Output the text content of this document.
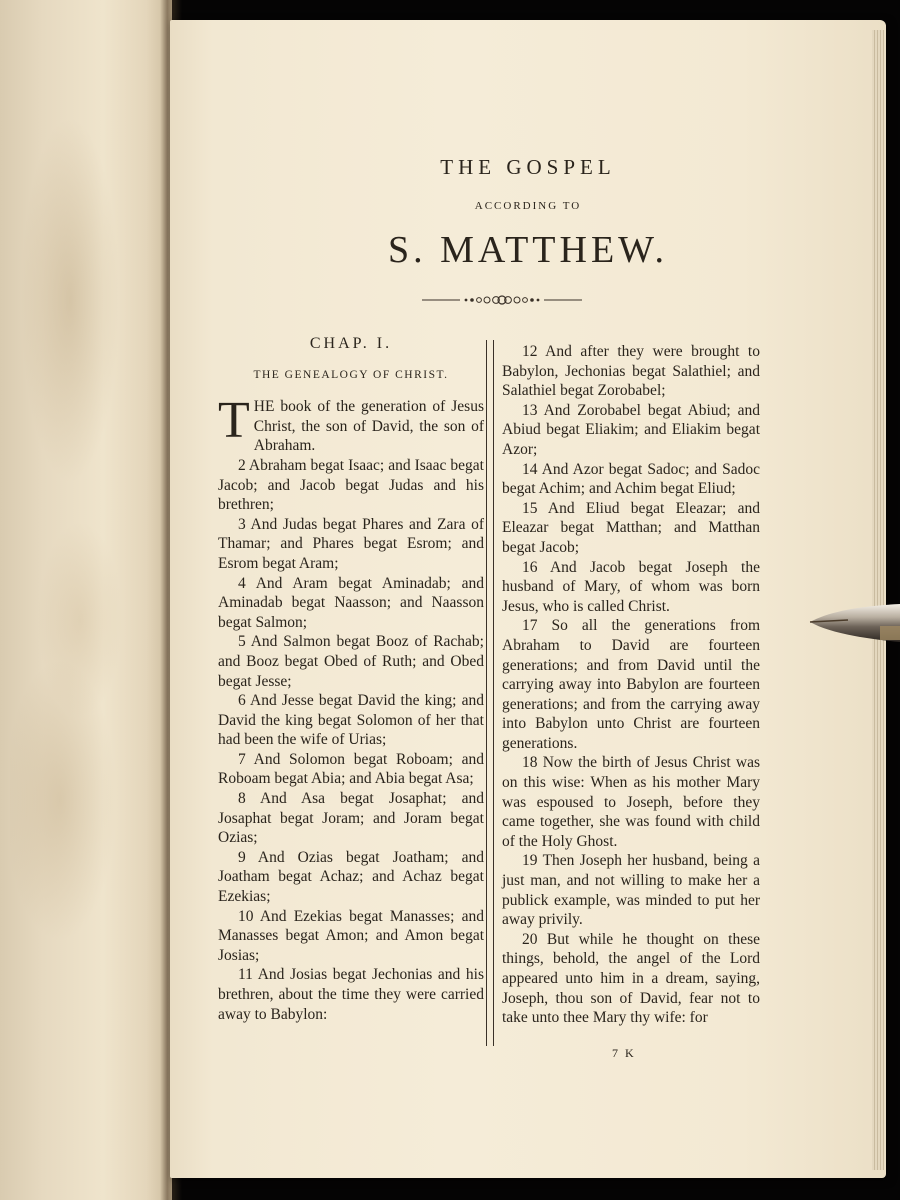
THE GOSPEL
ACCORDING TO
S. MATTHEW.
CHAP. I.
THE GENEALOGY OF CHRIST.
T HE book of the generation of Jesus Christ, the son of David, the son of Abraham.

2 Abraham begat Isaac; and Isaac begat Jacob; and Jacob begat Judas and his brethren;

3 And Judas begat Phares and Zara of Thamar; and Phares begat Esrom; and Esrom begat Aram;

4 And Aram begat Aminadab; and Aminadab begat Naasson; and Naasson begat Salmon;

5 And Salmon begat Booz of Rachab; and Booz begat Obed of Ruth; and Obed begat Jesse;

6 And Jesse begat David the king; and David the king begat Solomon of her that had been the wife of Urias;

7 And Solomon begat Roboam; and Roboam begat Abia; and Abia begat Asa;

8 And Asa begat Josaphat; and Josaphat begat Joram; and Joram begat Ozias;

9 And Ozias begat Joatham; and Joatham begat Achaz; and Achaz begat Ezekias;

10 And Ezekias begat Manasses; and Manasses begat Amon; and Amon begat Josias;

11 And Josias begat Jechonias and his brethren, about the time they were carried away to Babylon:

12 And after they were brought to Babylon, Jechonias begat Salathiel; and Salathiel begat Zorobabel;

13 And Zorobabel begat Abiud; and Abiud begat Eliakim; and Eliakim begat Azor;

14 And Azor begat Sadoc; and Sadoc begat Achim; and Achim begat Eliud;

15 And Eliud begat Eleazar; and Eleazar begat Matthan; and Matthan begat Jacob;

16 And Jacob begat Joseph the husband of Mary, of whom was born Jesus, who is called Christ.

17 So all the generations from Abraham to David are fourteen generations; and from David until the carrying away into Babylon are fourteen generations; and from the carrying away into Babylon unto Christ are fourteen generations.

18 Now the birth of Jesus Christ was on this wise: When as his mother Mary was espoused to Joseph, before they came together, she was found with child of the Holy Ghost.

19 Then Joseph her husband, being a just man, and not willing to make her a publick example, was minded to put her away privily.

20 But while he thought on these things, behold, the angel of the Lord appeared unto him in a dream, saying, Joseph, thou son of David, fear not to take unto thee Mary thy wife: for

7 K
